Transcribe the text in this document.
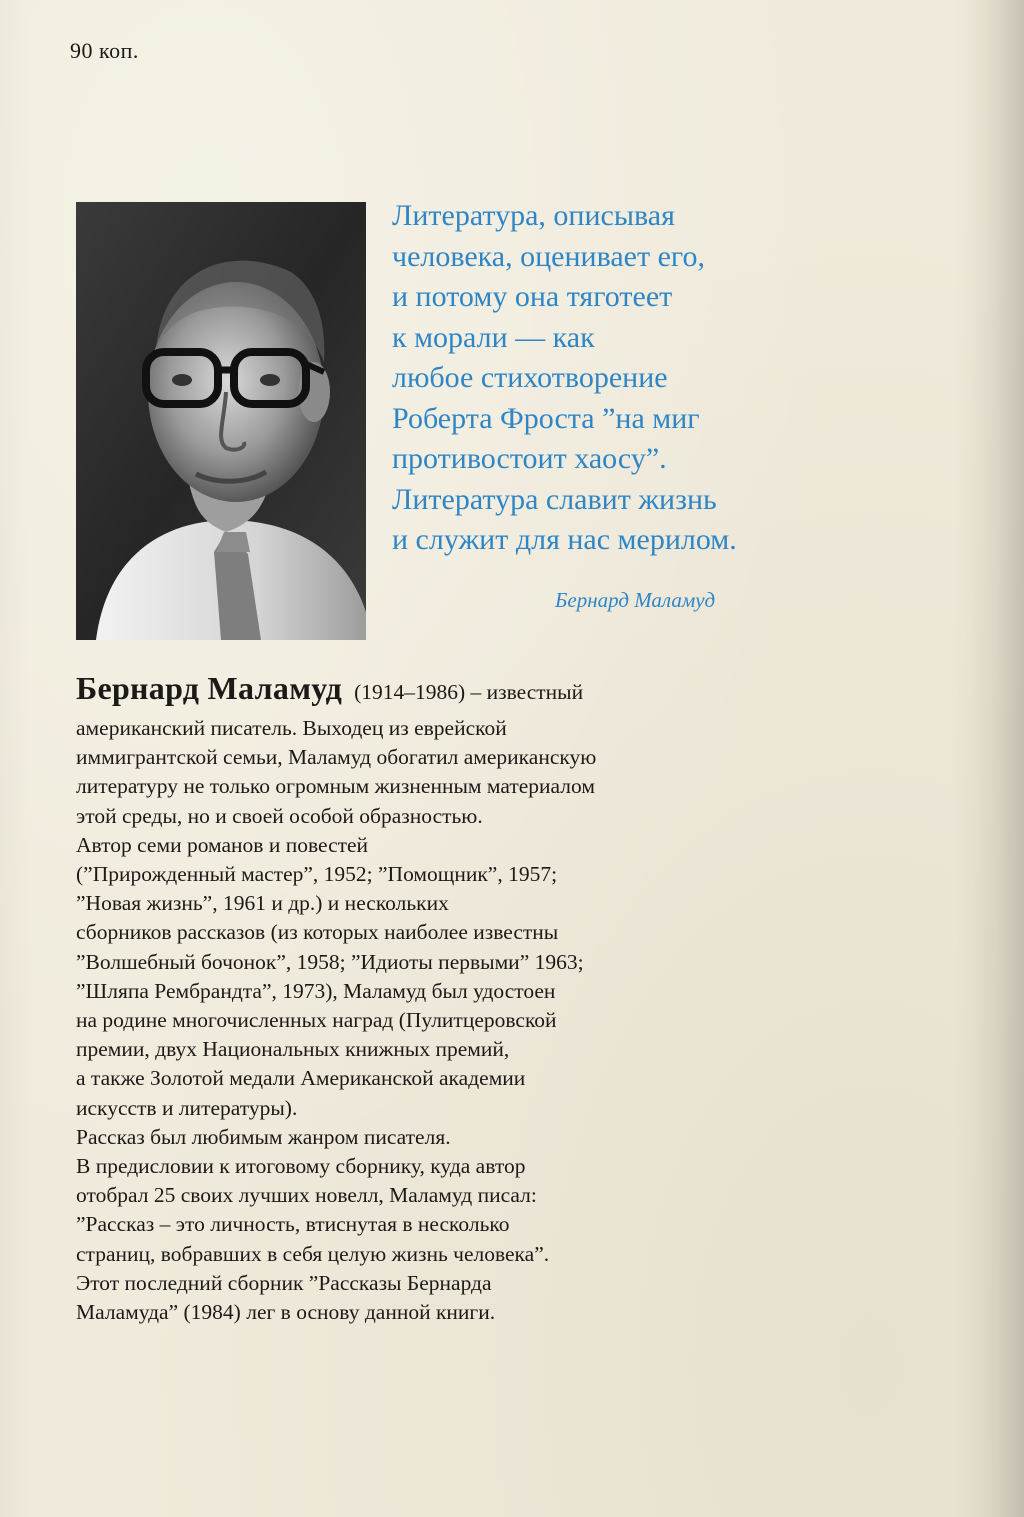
90 коп.
Литература, описывая
человека, оценивает его,
и потому она тяготеет
к морали — как
любое стихотворение
Роберта Фроста ”на миг
противостоит хаосу”.
Литература славит жизнь
и служит для нас мерилом.
Бернард Маламуд
Бернард Маламуд (1914–1986) – известный
американский писатель. Выходец из еврейской
иммигрантской семьи, Маламуд обогатил американскую
литературу не только огромным жизненным материалом
этой среды, но и своей особой образностью.
Автор семи романов и повестей
(”Прирожденный мастер”, 1952; ”Помощник”, 1957;
”Новая жизнь”, 1961 и др.) и нескольких
сборников рассказов (из которых наиболее известны
”Волшебный бочонок”, 1958; ”Идиоты первыми” 1963;
”Шляпа Рембрандта”, 1973), Маламуд был удостоен
на родине многочисленных наград (Пулитцеровской
премии, двух Национальных книжных премий,
а также Золотой медали Американской академии
искусств и литературы).
Рассказ был любимым жанром писателя.
В предисловии к итоговому сборнику, куда автор
отобрал 25 своих лучших новелл, Маламуд писал:
”Рассказ – это личность, втиснутая в несколько
страниц, вобравших в себя целую жизнь человека”.
Этот последний сборник ”Рассказы Бернарда
Маламуда” (1984) лег в основу данной книги.
